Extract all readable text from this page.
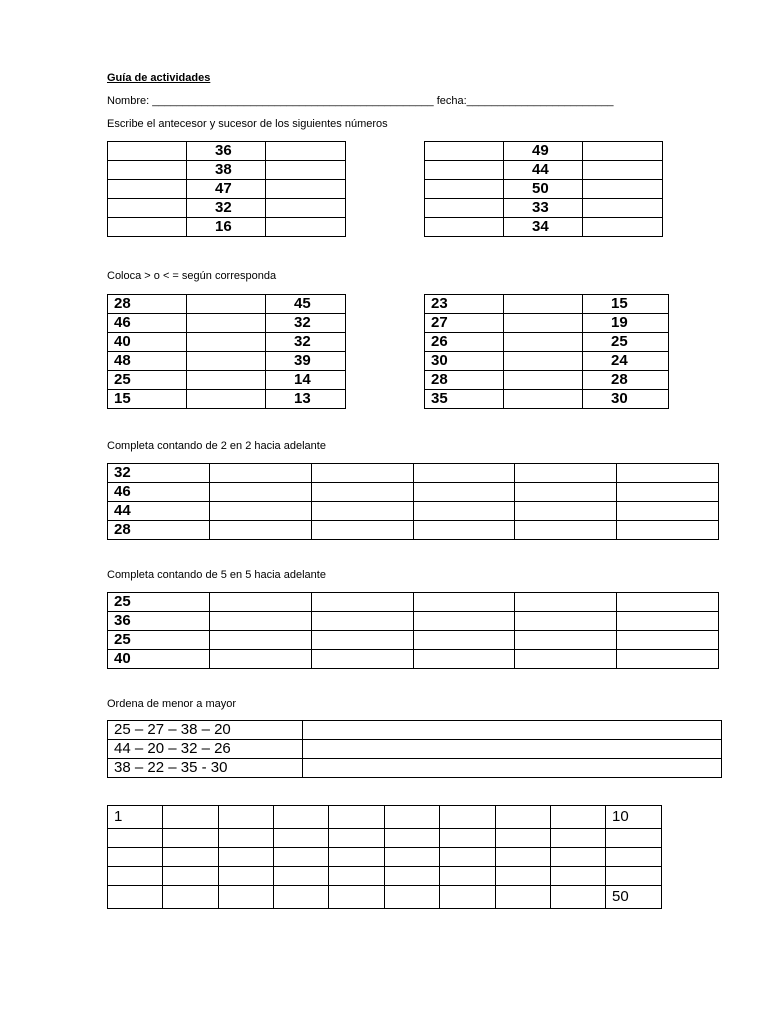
Guía de actividades
Nombre: ______________________________________________ fecha:________________________
Escribe el antecesor y sucesor de los siguientes números
	36	
	38	
	47	
	32	
	16	
	49	
	44	
	50	
	33	
	34	
Coloca > o < = según corresponda
28		45
46		32
40		32
48		39
25		14
15		13
23		15
27		19
26		25
30		24
28		28
35		30
Completa contando de 2 en 2 hacia adelante
32					
46					
44					
28					
Completa contando de 5 en 5 hacia adelante
25					
36					
25					
40					
Ordena de menor a mayor
25 – 27 – 38 – 20	
44 – 20 – 32 – 26	
38 – 22 – 35 - 30	
1									10

									50
